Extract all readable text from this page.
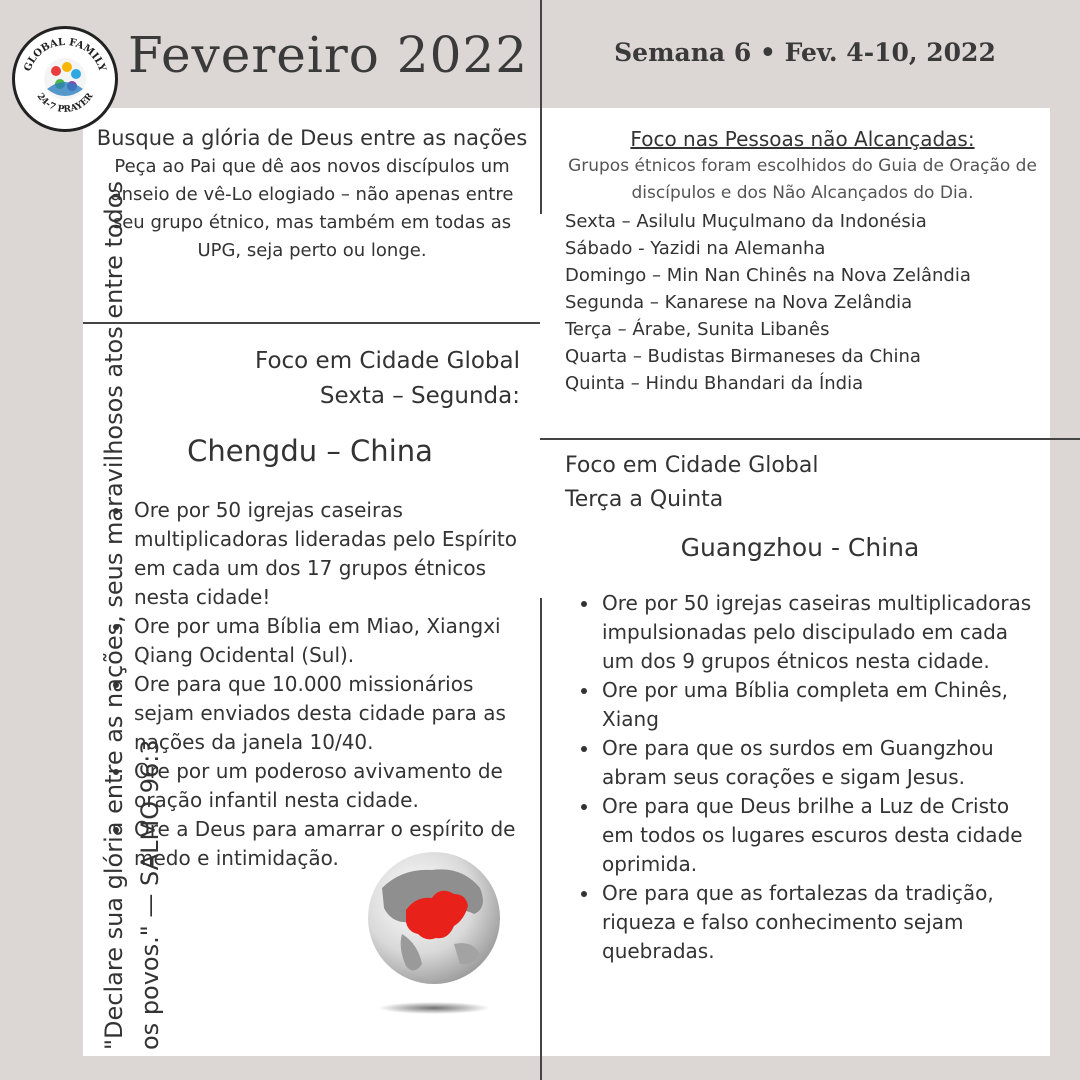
GLOBAL FAMILY
24-7 PRAYER
Fevereiro 2022	Semana 6 • Fev. 4-10, 2022
"Declare sua glória entre as nações, seus maravilhosos atos entre todos os povos." — SALMO 96:3
Busque a glória de Deus entre as nações
Peça ao Pai que dê aos novos discípulos um anseio de vê-Lo elogiado – não apenas entre seu grupo étnico, mas também em todas as UPG, seja perto ou longe.
Foco nas Pessoas não Alcançadas:
Grupos étnicos foram escolhidos do Guia de Oração de discípulos e dos Não Alcançados do Dia.
Sexta – Asilulu Muçulmano da Indonésia
Sábado - Yazidi na Alemanha
Domingo – Min Nan Chinês na Nova Zelândia
Segunda – Kanarese na Nova Zelândia
Terça – Árabe, Sunita Libanês
Quarta – Budistas Birmaneses da China
Quinta – Hindu Bhandari da Índia
Foco em Cidade Global
Sexta – Segunda:
Chengdu – China
• Ore por 50 igrejas caseiras multiplicadoras lideradas pelo Espírito em cada um dos 17 grupos étnicos nesta cidade!
• Ore por uma Bíblia em Miao, Xiangxi Qiang Ocidental (Sul).
• Ore para que 10.000 missionários sejam enviados desta cidade para as nações da janela 10/40.
• Ore por um poderoso avivamento de oração infantil nesta cidade.
• Ore a Deus para amarrar o espírito de medo e intimidação.
Foco em Cidade Global
Terça a Quinta
Guangzhou - China
• Ore por 50 igrejas caseiras multiplicadoras impulsionadas pelo discipulado em cada um dos 9 grupos étnicos nesta cidade.
• Ore por uma Bíblia completa em Chinês, Xiang
• Ore para que os surdos em Guangzhou abram seus corações e sigam Jesus.
• Ore para que Deus brilhe a Luz de Cristo em todos os lugares escuros desta cidade oprimida.
• Ore para que as fortalezas da tradição, riqueza e falso conhecimento sejam quebradas.
